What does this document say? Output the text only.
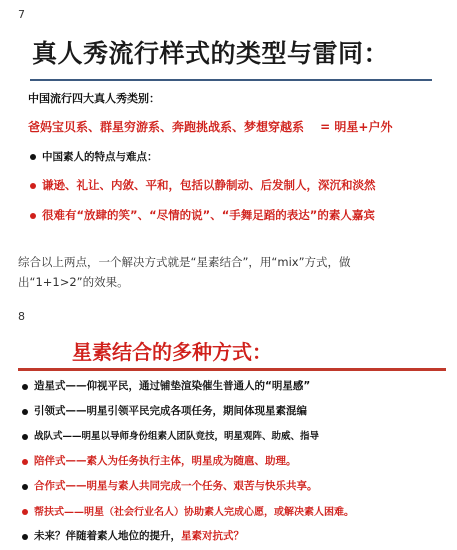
7
真人秀流行样式的类型与雷同：
中国流行四大真人秀类别：
爸妈宝贝系、群星穷游系、奔跑挑战系、梦想穿越系　 = 明星+户外
中国素人的特点与难点：
谦逊、礼让、内敛、平和，包括以静制动、后发制人，深沉和淡然
很难有“放肆的笑”、“尽情的说”、“手舞足蹈的表达”的素人嘉宾
综合以上两点，一个解决方式就是“星素结合”，用“mix”方式，做
出“1+1>2”的效果。
8
星素结合的多种方式：
造星式——仰视平民，通过铺垫渲染催生普通人的“明星感”
引领式——明星引领平民完成各项任务，期间体现星素混编
战队式——明星以导师身份组素人团队竞技，明星观阵、助威、指导
陪伴式——素人为任务执行主体，明星成为随扈、助理。
合作式——明星与素人共同完成一个任务、艰苦与快乐共享。
帮扶式——明星（社会行业名人）协助素人完成心愿，或解决素人困难。
未来？伴随着素人地位的提升，星素对抗式？
